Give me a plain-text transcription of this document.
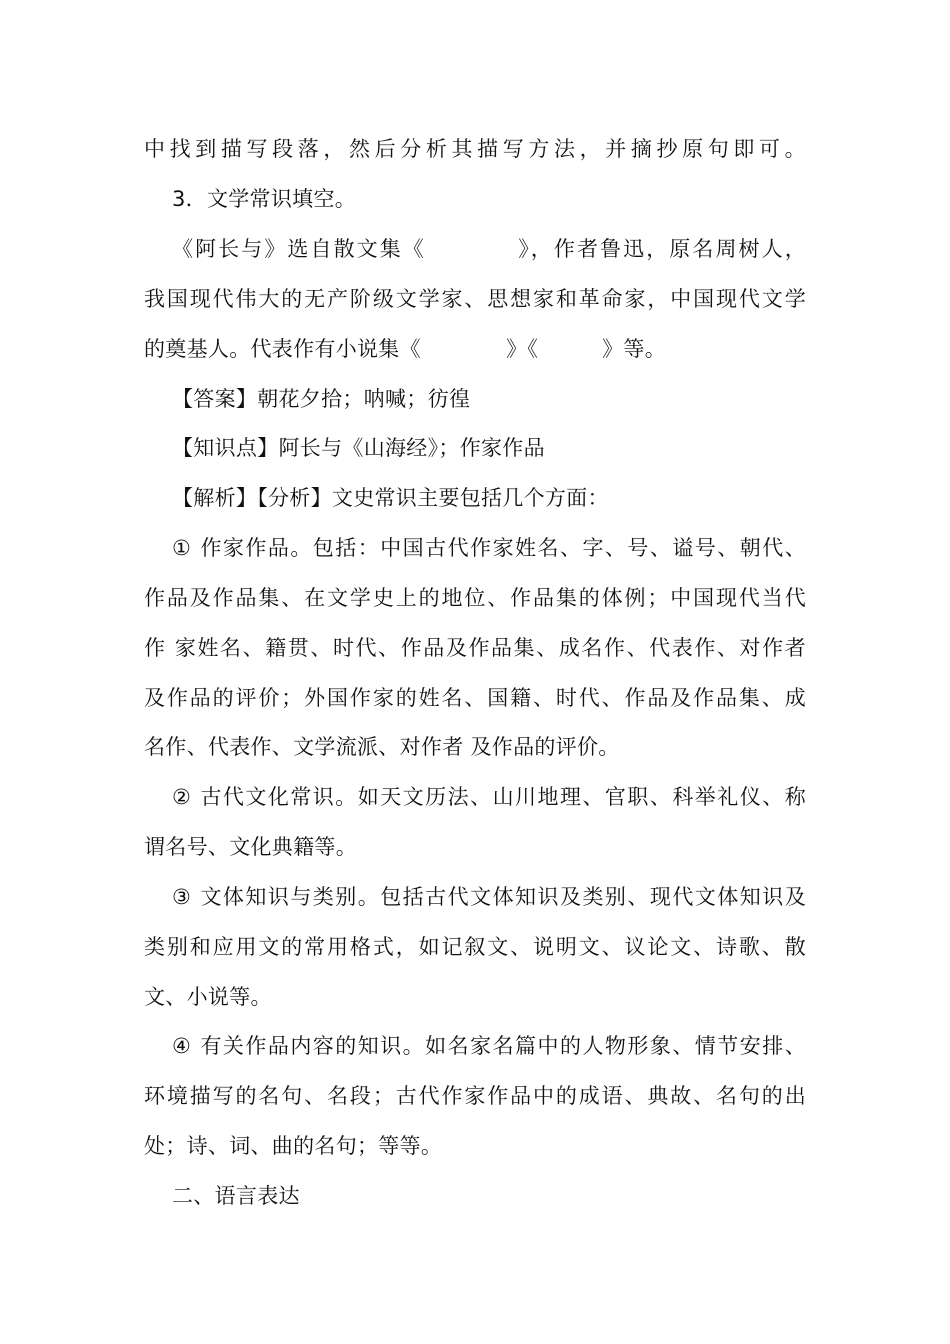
中找到描写段落，然后分析其描写方法，并摘抄原句即可。
3．文学常识填空。
《阿长与》选自散文集《　　　　》，作者鲁迅，原名周树人，
我国现代伟大的无产阶级文学家、思想家和革命家，中国现代文学
的奠基人。代表作有小说集《　　　　》《　　　》等。
【答案】朝花夕拾；呐喊；彷徨
【知识点】阿长与《山海经》；作家作品
【解析】【分析】文史常识主要包括几个方面：
① 作家作品。包括：中国古代作家姓名、字、号、谥号、朝代、
作品及作品集、在文学史上的地位、作品集的体例；中国现代当代
作 家姓名、籍贯、时代、作品及作品集、成名作、代表作、对作者
及作品的评价；外国作家的姓名、国籍、时代、作品及作品集、成
名作、代表作、文学流派、对作者 及作品的评价。
② 古代文化常识。如天文历法、山川地理、官职、科举礼仪、称
谓名号、文化典籍等。
③ 文体知识与类别。包括古代文体知识及类别、现代文体知识及
类别和应用文的常用格式，如记叙文、说明文、议论文、诗歌、散
文、小说等。
④ 有关作品内容的知识。如名家名篇中的人物形象、情节安排、
环境描写的名句、名段；古代作家作品中的成语、典故、名句的出
处；诗、词、曲的名句；等等。
二、语言表达
